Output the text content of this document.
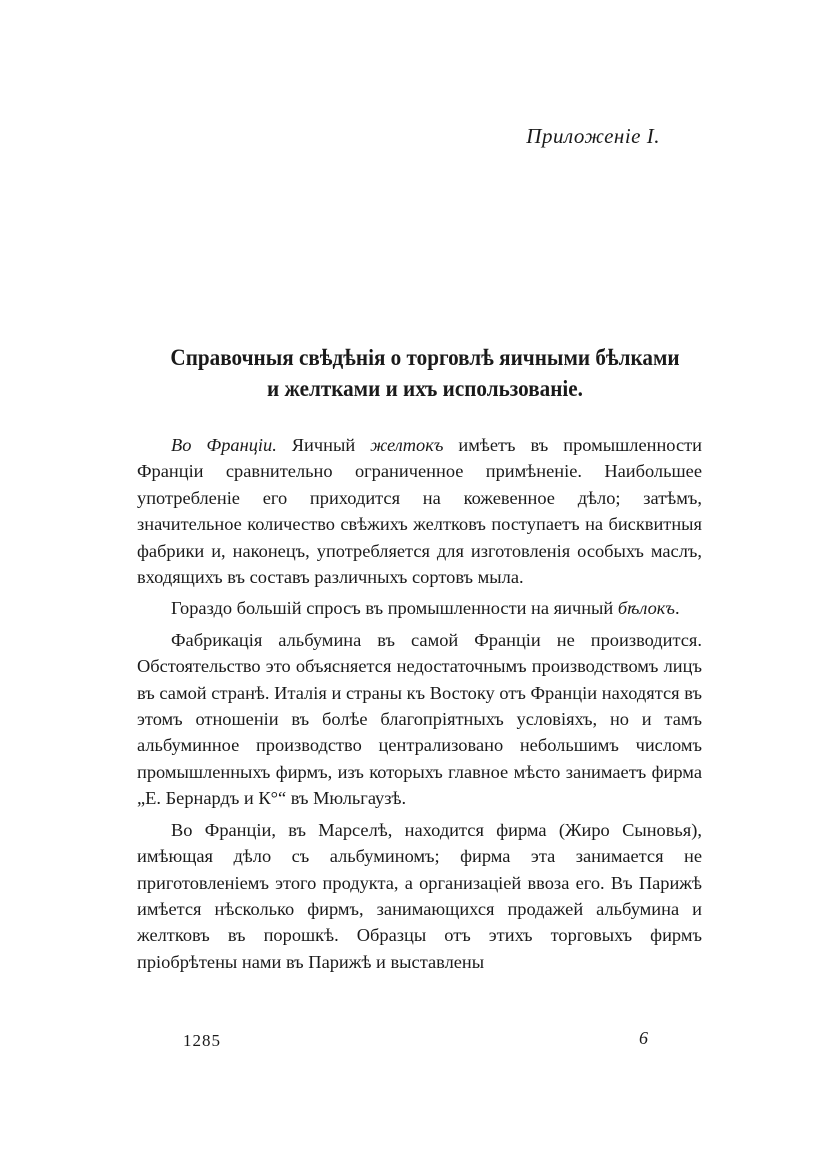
Приложеніе I.
Справочныя свѣдѣнія о торговлѣ яичными бѣлками
и желтками и ихъ использованіе.

Во Франціи. Яичный желтокъ имѣетъ въ промышленности Франціи сравнительно ограниченное примѣненіе. Наибольшее употребленіе его приходится на кожевенное дѣло; затѣмъ, значительное количество свѣжихъ желтковъ поступаетъ на бисквитныя фабрики и, наконецъ, употребляется для изготовленія особыхъ маслъ, входящихъ въ составъ различныхъ сортовъ мыла.

Гораздо большій спросъ въ промышленности на яичный бѣлокъ.

Фабрикація альбумина въ самой Франціи не производится. Обстоятельство это объясняется недостаточнымъ производствомъ лицъ въ самой странѣ. Италія и страны къ Востоку отъ Франціи находятся въ этомъ отношеніи въ болѣе благопріятныхъ условіяхъ, но и тамъ альбуминное производство централизовано небольшимъ числомъ промышленныхъ фирмъ, изъ которыхъ главное мѣсто занимаетъ фирма „Е. Бернардъ и К°“ въ Мюльгаузѣ.

Во Франціи, въ Марселѣ, находится фирма (Жиро Сыновья), имѣющая дѣло съ альбуминомъ; фирма эта занимается не приготовленіемъ этого продукта, а организаціей ввоза его. Въ Парижѣ имѣется нѣсколько фирмъ, занимающихся продажей альбумина и желтковъ въ порошкѣ. Образцы отъ этихъ торговыхъ фирмъ пріобрѣтены нами въ Парижѣ и выставлены

1285	6
